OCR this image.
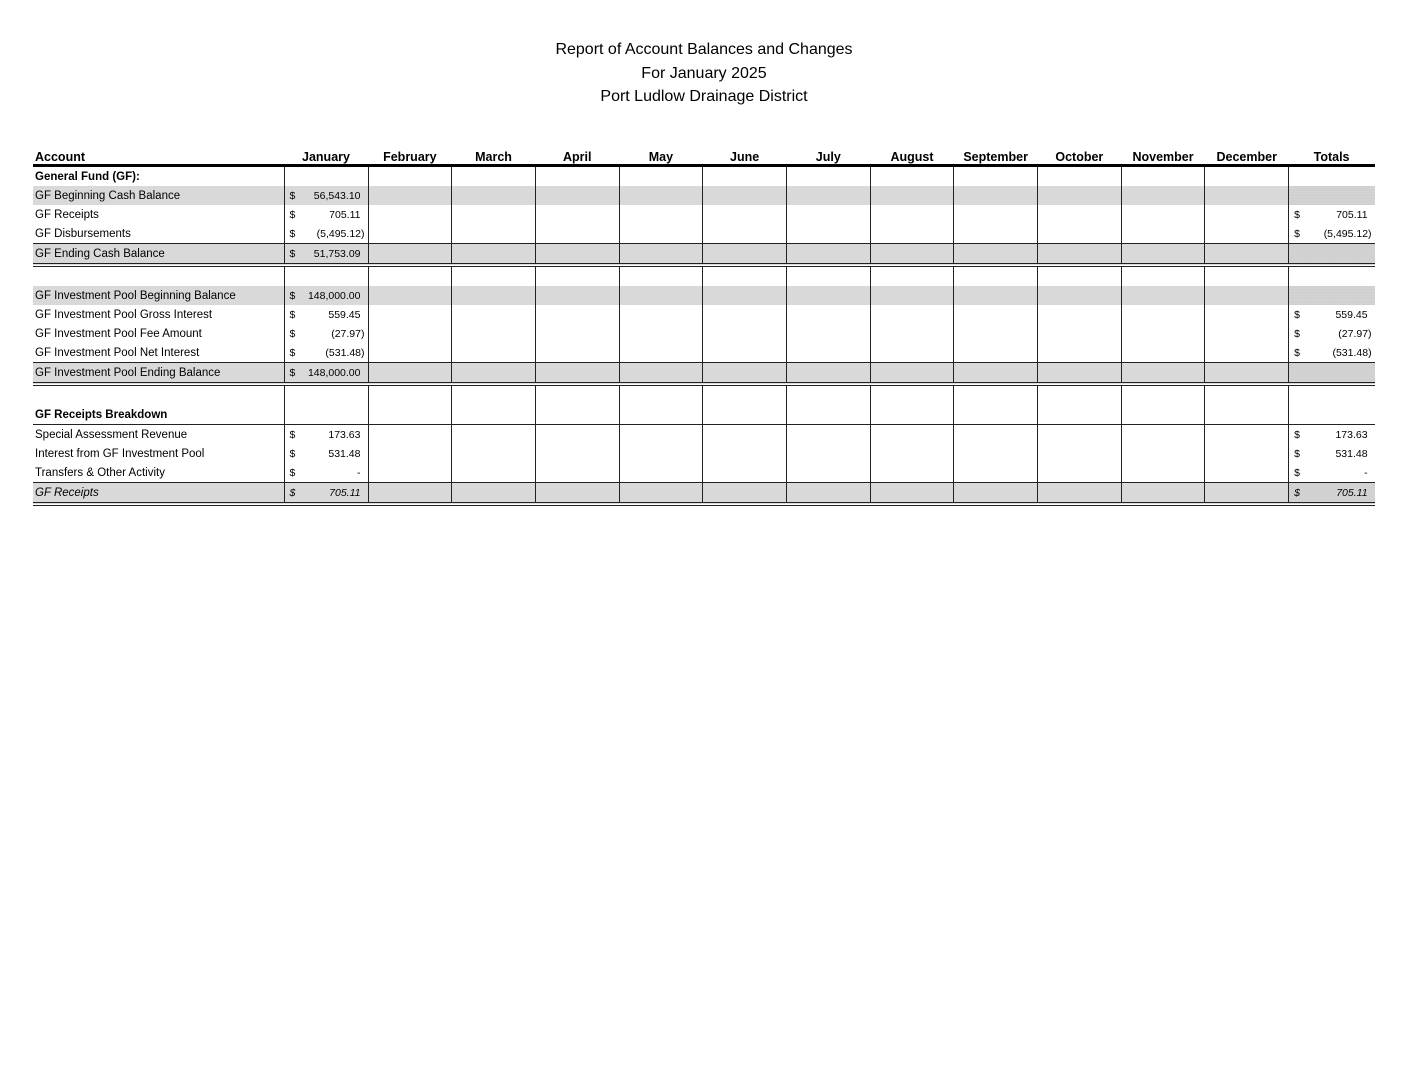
Report of Account Balances and Changes
For January 2025
Port Ludlow Drainage District
Account	January	February	March	April	May	June	July	August	September	October	November	December	Totals
General Fund (GF):													
GF Beginning Cash Balance	$ 56,543.10												

GF Receipts	$ 705.11												$ 705.11

GF Disbursements	$ (5,495.12)												$ (5,495.12)

GF Ending Cash Balance	$ 51,753.09												

GF Investment Pool Beginning Balance	$ 148,000.00												

GF Investment Pool Gross Interest	$ 559.45												$ 559.45

GF Investment Pool Fee Amount	$ (27.97)												$ (27.97)

GF Investment Pool Net Interest	$ (531.48)												$ (531.48)

GF Investment Pool Ending Balance	$ 148,000.00												

GF Receipts Breakdown													
Special Assessment Revenue	$ 173.63												$ 173.63

Interest from GF Investment Pool	$ 531.48												$ 531.48

Transfers & Other Activity	$ -												$ -

GF Receipts	$ 705.11												$ 705.11
